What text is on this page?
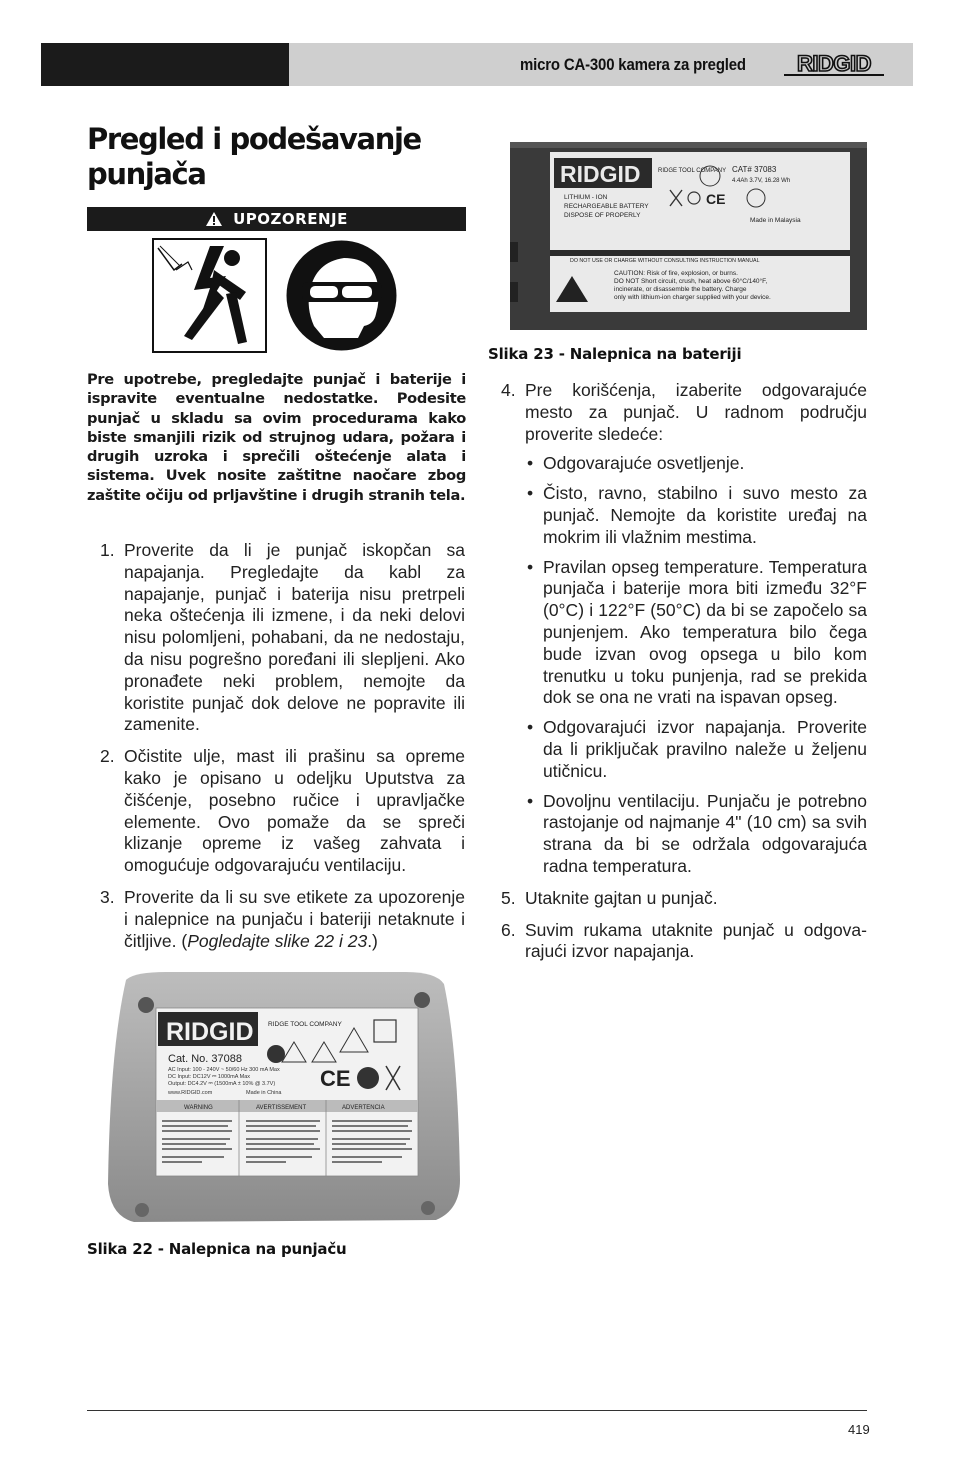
micro CA-300 kamera za pregled RIDGID
Pregled i podešavanje punjača
UPOZORENJE

Pre upotrebe, pregledajte punjač i baterije i ispravite eventualne nedostatke. Podesite punjač u skladu sa ovim procedurama kako biste smanjili rizik od strujnog udara, požara i drugih uzroka i sprečili oštećenje alata i sistema. Uvek nosite zaštitne naočare zbog zaštite očiju od prljavštine i drugih stranih tela.

1. Proverite da li je punjač iskopčan sa napajanja. Pregledajte da kabl za napajanje, punjač i baterija nisu pretrpeli neka oštećenja ili izmene, i da neki delovi nisu polomljeni, pohabani, da ne nedostaju, da nisu pogrešno poređani ili slepljeni. Ako pronađete neki problem, nemojte da koristite punjač dok delove ne popravite ili zamenite.
2. Očistite ulje, mast ili prašinu sa opreme kako je opisano u odeljku Uputstva za čišćenje, posebno ručice i upravljačke elemente. Ovo pomaže da se spreči klizanje opreme iz vašeg zahvata i omogućuje odgovarajuću ventilaciju.
3. Proverite da li su sve etikete za upozorenje i nalepnice na punjaču i bateriji netaknute i čitljive. (Pogledajte slike 22 i 23.)
RIDGID RIDGE TOOL COMPANY
Cat. No. 37088
AC Input: 100 - 240V ~ 50/60 Hz 300 mA Max
DC Input: DC12V ⎓ 1000mA Max
Output: DC4.2V ⎓ (1500mA ± 10% @ 3.7V)
www.RIDGID.com	Made in China
CE
WARNING	AVERTISSEMENT	ADVERTENCIA
Slika 22 - Nalepnica na punjaču
RIDGID	RIDGE TOOL COMPANY CAT# 37083
4.4Ah 3.7V, 16.28 Wh
LITHIUM - ION
RECHARGEABLE BATTERY
DISPOSE OF PROPERLY
CE
Made in Malaysia
DO NOT USE OR CHARGE WITHOUT CONSULTING INSTRUCTION MANUAL
CAUTION: Risk of fire, explosion, or burns.
DO NOT Short circuit, crush, heat above 60°C/140°F,
incinerate, or disassemble the battery. Charge
only with lithium-ion charger supplied with your device.
Slika 23 - Nalepnica na bateriji
4. Pre korišćenja, izaberite odgovarajuće mesto za punjač. U radnom području proverite sledeće:
• Odgovarajuće osvetljenje.
• Čisto, ravno, stabilno i suvo mesto za punjač. Nemojte da koristite uređaj na mokrim ili vlažnim mestima.
• Pravilan opseg temperature. Temperatura punjača i baterije mora biti između 32°F (0°C) i 122°F (50°C) da bi se započelo sa punjenjem. Ako temperatura bilo čega bude izvan ovog opsega u bilo kom trenutku u toku punjenja, rad se prekida dok se ona ne vrati na ispavan opseg.
• Odgovarajući izvor napajanja. Proverite da li priključak pravilno naleže u željenu utičnicu.
• Dovoljnu ventilaciju. Punjaču je potrebno rastojanje od najmanje 4" (10 cm) sa svih strana da bi se održala odgovarajuća radna temperatura.
5. Utaknite gajtan u punjač.
6. Suvim rukama utaknite punjač u odgova-rajući izvor napajanja.
419
